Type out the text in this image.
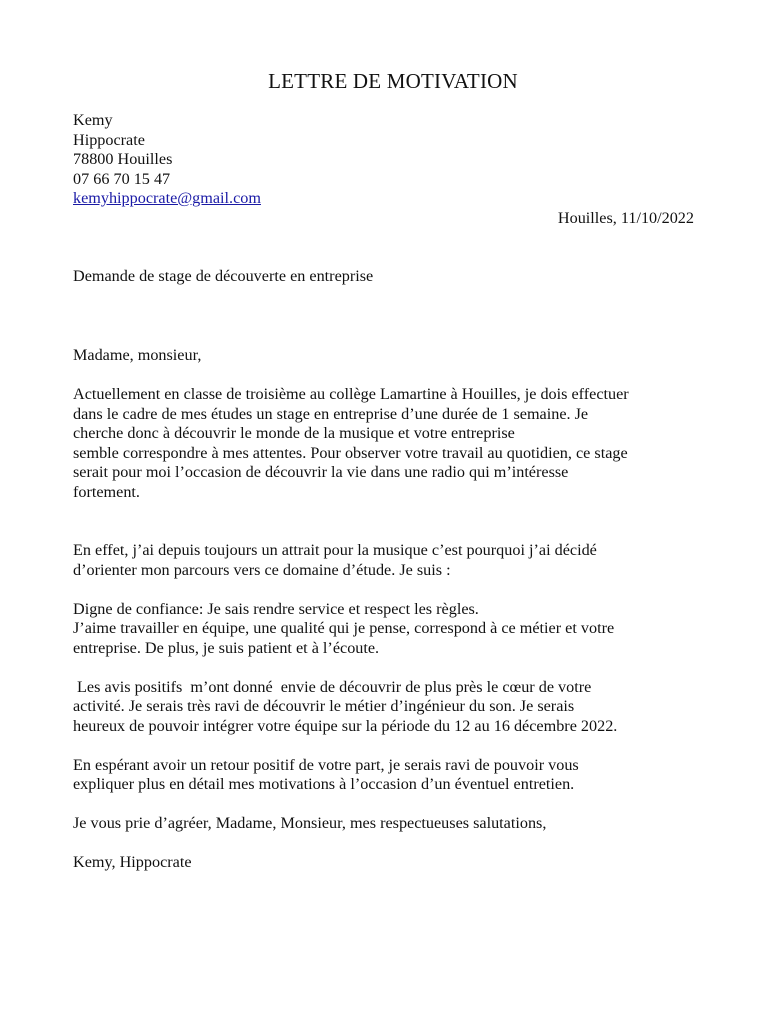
LETTRE DE MOTIVATION
Kemy
Hippocrate
78800 Houilles
07 66 70 15 47
kemyhippocrate@gmail.com
Houilles, 11/10/2022
Demande de stage de découverte en entreprise

Madame, monsieur,

Actuellement en classe de troisième au collège Lamartine à Houilles, je dois effectuer
dans le cadre de mes études un stage en entreprise d’une durée de 1 semaine. Je
cherche donc à découvrir le monde de la musique et votre entreprise
semble correspondre à mes attentes. Pour observer votre travail au quotidien, ce stage
serait pour moi l’occasion de découvrir la vie dans une radio qui m’intéresse
fortement.

En effet, j’ai depuis toujours un attrait pour la musique c’est pourquoi j’ai décidé
d’orienter mon parcours vers ce domaine d’étude. Je suis :

Digne de confiance: Je sais rendre service et respect les règles.
J’aime travailler en équipe, une qualité qui je pense, correspond à ce métier et votre
entreprise. De plus, je suis patient et à l’écoute.

Les avis positifs  m’ont donné  envie de découvrir de plus près le cœur de votre
activité. Je serais très ravi de découvrir le métier d’ingénieur du son. Je serais
heureux de pouvoir intégrer votre équipe sur la période du 12 au 16 décembre 2022.

En espérant avoir un retour positif de votre part, je serais ravi de pouvoir vous
expliquer plus en détail mes motivations à l’occasion d’un éventuel entretien.

Je vous prie d’agréer, Madame, Monsieur, mes respectueuses salutations,

Kemy, Hippocrate
